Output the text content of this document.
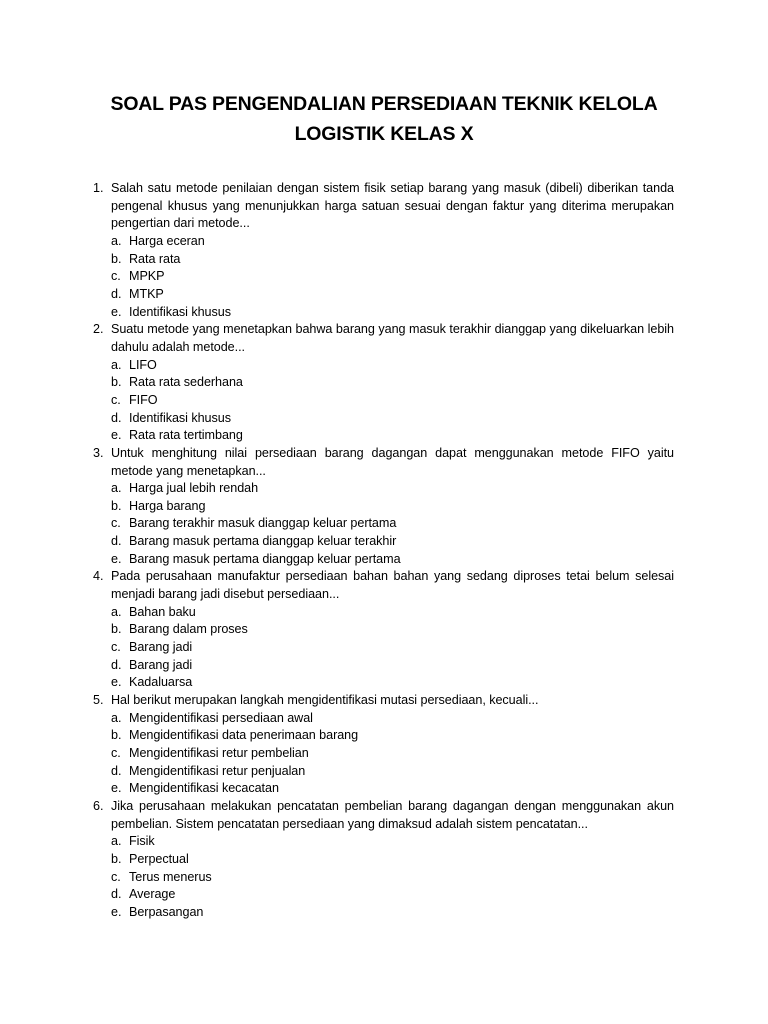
SOAL PAS PENGENDALIAN PERSEDIAAN TEKNIK KELOLA
LOGISTIK KELAS X
1. Salah satu metode penilaian dengan sistem fisik setiap barang yang masuk (dibeli) diberikan tanda pengenal khusus yang menunjukkan harga satuan sesuai dengan faktur yang diterima merupakan pengertian dari metode...
a. Harga eceran
b. Rata rata
c. MPKP
d. MTKP
e. Identifikasi khusus
2. Suatu metode yang menetapkan bahwa barang yang masuk terakhir dianggap yang dikeluarkan lebih dahulu adalah metode...
a. LIFO
b. Rata rata sederhana
c. FIFO
d. Identifikasi khusus
e. Rata rata tertimbang
3. Untuk menghitung nilai persediaan barang dagangan dapat menggunakan metode FIFO yaitu metode yang menetapkan...
a. Harga jual lebih rendah
b. Harga barang
c. Barang terakhir masuk dianggap keluar pertama
d. Barang masuk pertama dianggap keluar terakhir
e. Barang masuk pertama dianggap keluar pertama
4. Pada perusahaan manufaktur persediaan bahan bahan yang sedang diproses tetai belum selesai menjadi barang jadi disebut persediaan...
a. Bahan baku
b. Barang dalam proses
c. Barang jadi
d. Barang jadi
e. Kadaluarsa
5. Hal berikut merupakan langkah mengidentifikasi mutasi persediaan, kecuali...
a. Mengidentifikasi persediaan awal
b. Mengidentifikasi data penerimaan barang
c. Mengidentifikasi retur pembelian
d. Mengidentifikasi retur penjualan
e. Mengidentifikasi kecacatan
6. Jika perusahaan melakukan pencatatan pembelian barang dagangan dengan menggunakan akun pembelian. Sistem pencatatan persediaan yang dimaksud adalah sistem pencatatan...
a. Fisik
b. Perpectual
c. Terus menerus
d. Average
e. Berpasangan
